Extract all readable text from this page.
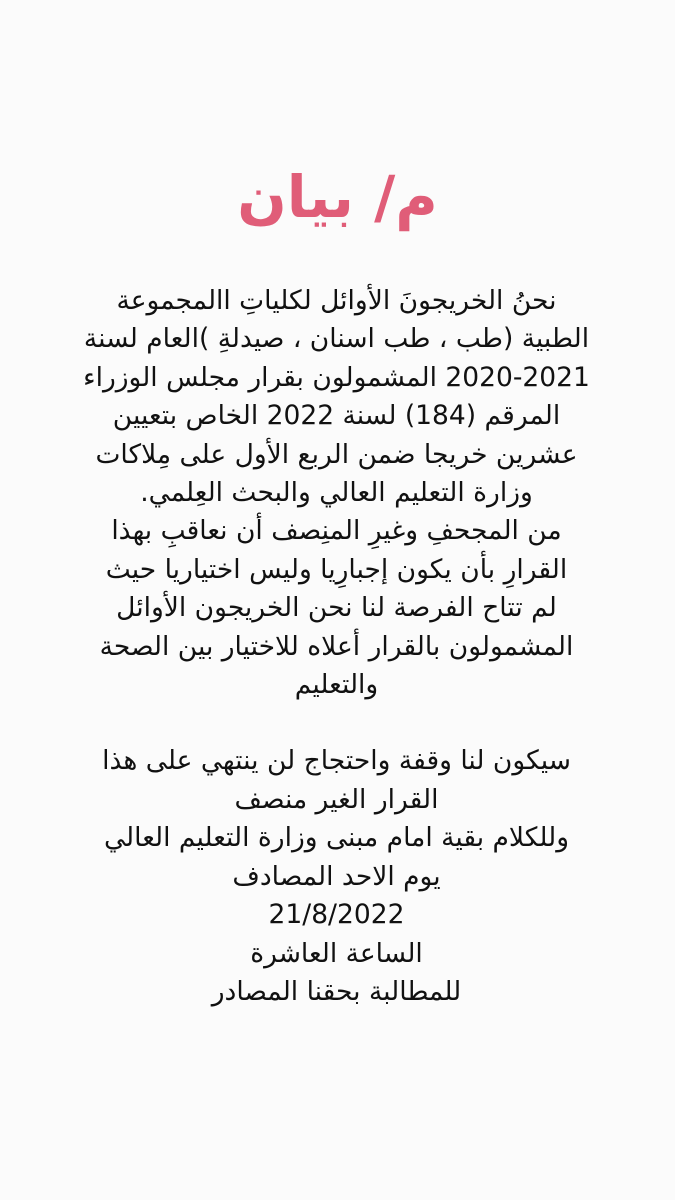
م/ بيان
نحنُ الخريجونَ الأوائل لكلياتِ االمجموعة
الطبية (طب ، طب اسنان ، صيدلةِ )العام لسنة
2020-2021 المشمولون بقرار مجلس الوزراء
المرقم (184) لسنة 2022 الخاص بتعيين
عشرين خريجا ضمن الربع الأول على مِلاكات
وزارة التعليم العالي والبحث العِلمي.
من المجحفِ وغيرِ المنِصف أن نعاقبِ بهذا
القرارِ بأن يكون إجبارِيا وليس اختياريا حيث
لم تتاح الفرصة لنا نحن الخريجون الأوائل
المشمولون بالقرار أعلاه للاختيار بين الصحة
والتعليم
سيكون لنا وقفة واحتجاج لن ينتهي على هذا
القرار الغير منصف
وللكلام بقية امام مبنى وزارة التعليم العالي
يوم الاحد المصادف
21/8/2022
الساعة العاشرة
للمطالبة بحقنا المصادر
